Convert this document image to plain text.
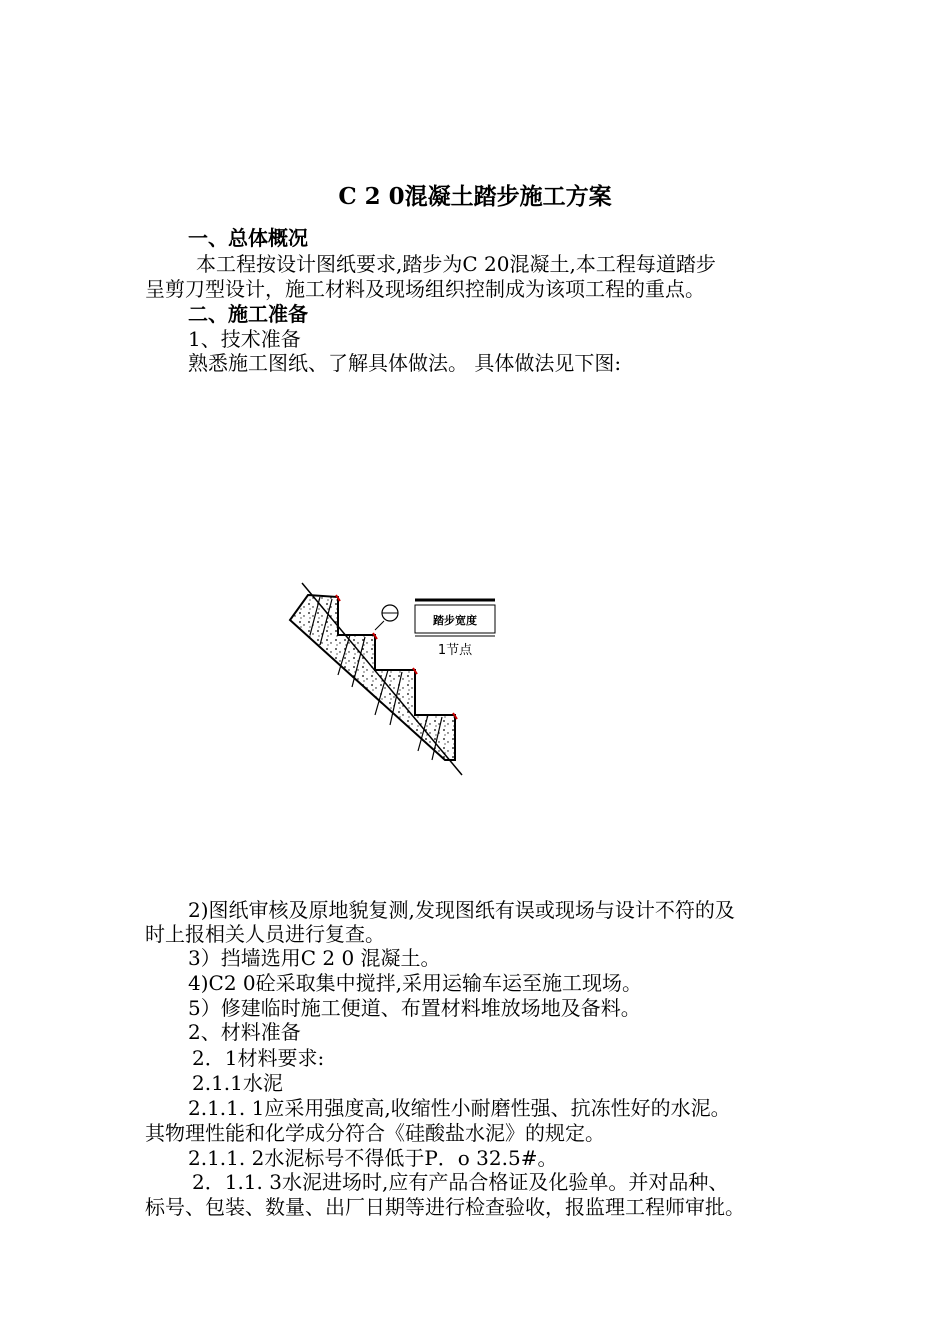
C 2 0混凝土踏步施工方案
一、总体概况
本工程按设计图纸要求,踏步为C 20混凝土,本工程每道踏步
呈剪刀型设计，施工材料及现场组织控制成为该项工程的重点。
二、施工准备
1、技术准备
熟悉施工图纸、了解具体做法。 具体做法见下图:
踏步宽度
1节点
2)图纸审核及原地貌复测,发现图纸有误或现场与设计不符的及
时上报相关人员进行复查。
3）挡墙选用C 2 0 混凝土。
4)C2 0砼采取集中搅拌,采用运输车运至施工现场。
5）修建临时施工便道、布置材料堆放场地及备料。
2、材料准备
2．1材料要求:
2.1.1水泥
2.1.1. 1应采用强度高,收缩性小耐磨性强、抗冻性好的水泥。
其物理性能和化学成分符合《硅酸盐水泥》的规定。
2.1.1. 2水泥标号不得低于P．o 32.5#。
2．1.1. 3水泥进场时,应有产品合格证及化验单。并对品种、
标号、包装、数量、出厂日期等进行检查验收，报监理工程师审批。
